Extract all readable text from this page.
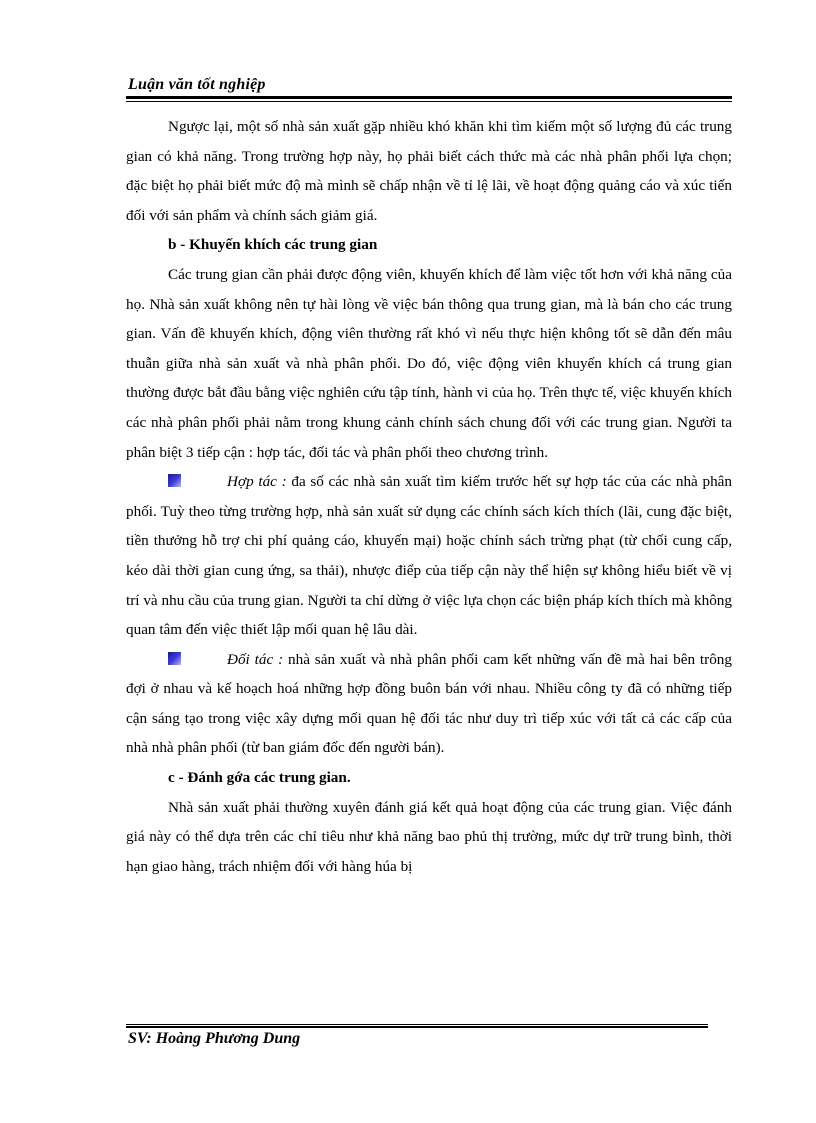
Luận văn tốt nghiệp

Ngược lại, một số nhà sản xuất gặp nhiều khó khăn khi tìm kiếm một số lượng đủ các trung gian có khả năng. Trong trường hợp này, họ phải biết cách thức mà các nhà phân phối lựa chọn; đặc biệt họ phải biết mức độ mà mình sẽ chấp nhận về tỉ lệ lãi, về hoạt động quảng cáo và xúc tiến đối với sản phẩm và chính sách giảm giá.

b - Khuyến khích các trung gian

Các trung gian cần phải được động viên, khuyến khích để làm việc tốt hơn với khả năng của họ. Nhà sản xuất không nên tự hài lòng về việc bán thông qua trung gian, mà là bán cho các trung gian. Vấn đề khuyến khích, động viên thường rất khó vì nếu thực hiện không tốt sẽ dẫn đến mâu thuẫn giữa nhà sản xuất và nhà phân phối. Do đó, việc động viên khuyến khích cá trung gian thường được bắt đầu bằng việc nghiên cứu tập tính, hành vi của họ. Trên thực tế, việc khuyến khích các nhà phân phối phải nằm trong khung cảnh chính sách chung đối với các trung gian. Người ta phân biệt 3 tiếp cận : hợp tác, đối tác và phân phối theo chương trình.

Hợp tác : đa số các nhà sản xuất tìm kiếm trước hết sự hợp tác của các nhà phân phối. Tuỳ theo từng trường hợp, nhà sản xuất sử dụng các chính sách kích thích (lãi, cung đặc biệt, tiền thưởng hỗ trợ chi phí quảng cáo, khuyến mại) hoặc chính sách trừng phạt (từ chối cung cấp, kéo dài thời gian cung ứng, sa thải), nhược điểp của tiếp cận này thể hiện sự không hiểu biết về vị trí và nhu cầu của trung gian. Người ta chỉ dừng ở việc lựa chọn các biện pháp kích thích mà không quan tâm đến việc thiết lập mối quan hệ lâu dài.

Đối tác : nhà sản xuất và nhà phân phối cam kết những vấn đề mà hai bên trông đợi ở nhau và kế hoạch hoá những hợp đồng buôn bán với nhau. Nhiều công ty đã có những tiếp cận sáng tạo trong việc xây dựng mối quan hệ đối tác như duy trì tiếp xúc với tất cả các cấp của nhà nhà phân phối (từ ban giám đốc đến người bán).

c - Đánh gớa các trung gian.

Nhà sản xuất phải thường xuyên đánh giá kết quả hoạt động của các trung gian. Việc đánh giá này có thể dựa trên các chỉ tiêu như khả năng bao phủ thị trường, mức dự trữ trung bình, thời hạn giao hàng, trách nhiệm đối với hàng húa bị

SV: Hoàng Phương Dung
